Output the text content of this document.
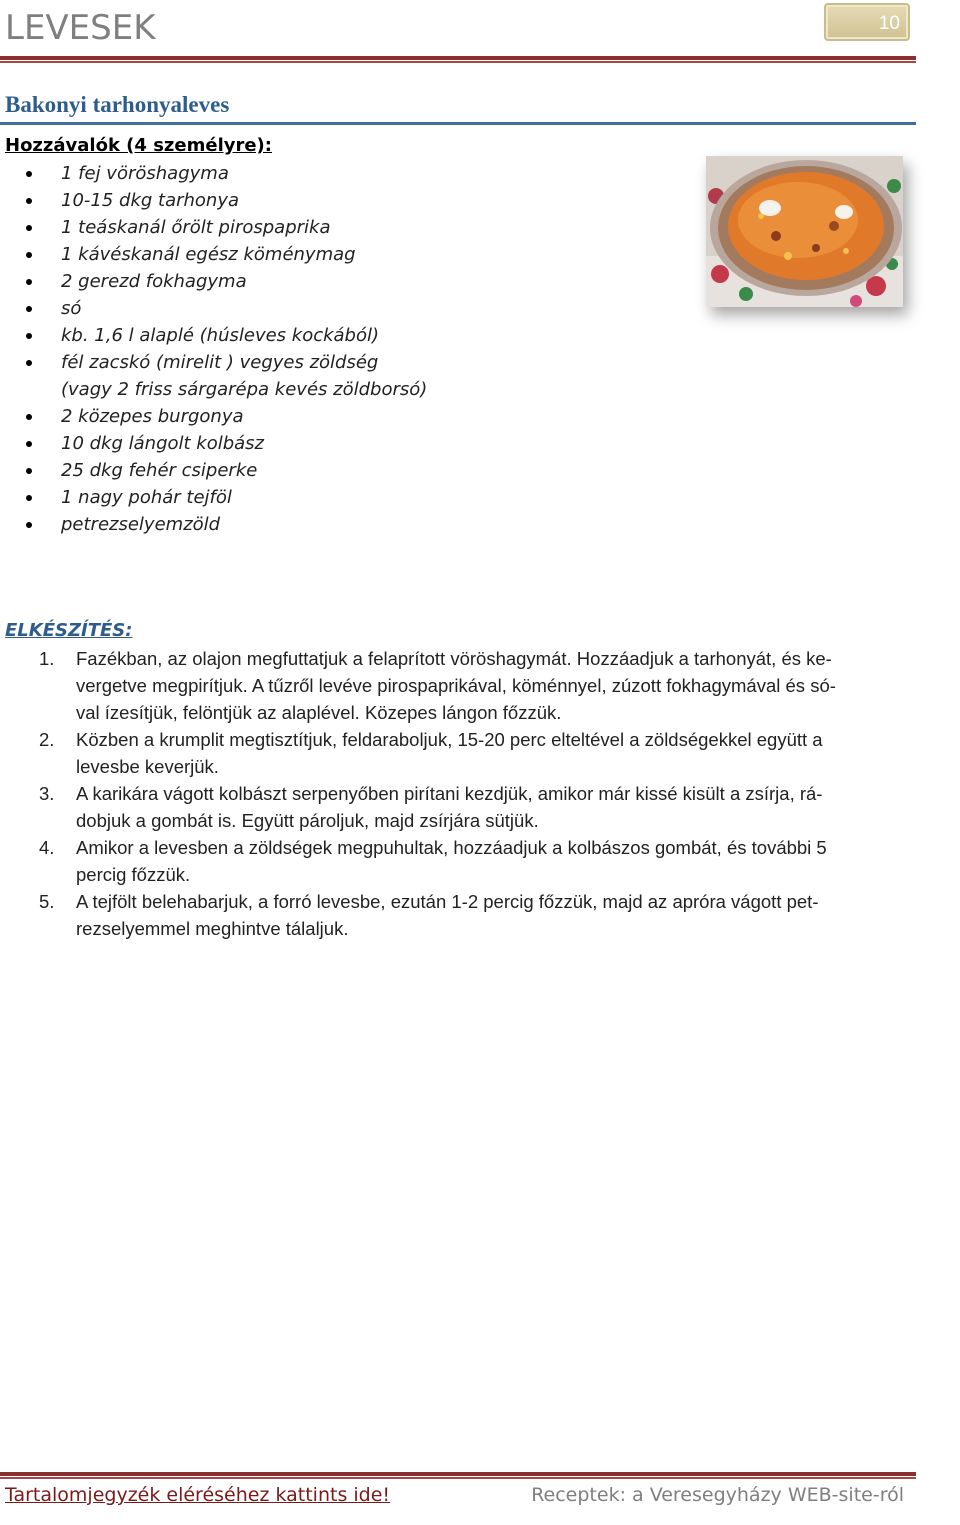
LEVESEK	10
Bakonyi tarhonyaleves
Hozzávalók (4 személyre):
1 fej vöröshagyma
10-15 dkg tarhonya
1 teáskanál őrölt pirospaprika
1 kávéskanál egész köménymag
2 gerezd fokhagyma
só
kb. 1,6 l alaplé (húsleves kockából)
fél zacskó (mirelit ) vegyes zöldség
(vagy 2 friss sárgarépa kevés zöldborsó)
2 közepes burgonya
10 dkg lángolt kolbász
25 dkg fehér csiperke
1 nagy pohár tejföl
petrezselyemzöld
ELKÉSZÍTÉS:
1. Fazékban, az olajon megfuttatjuk a felaprított vöröshagymát. Hozzáadjuk a tarhonyát, és ke-
vergetve megpirítjuk. A tűzről levéve pirospaprikával, köménnyel, zúzott fokhagymával és só-
val ízesítjük, felöntjük az alaplével. Közepes lángon főzzük.
2. Közben a krumplit megtisztítjuk, feldaraboljuk, 15-20 perc elteltével a zöldségekkel együtt a
levesbe keverjük.
3. A karikára vágott kolbászt serpenyőben pirítani kezdjük, amikor már kissé kisült a zsírja, rá-
dobjuk a gombát is. Együtt pároljuk, majd zsírjára sütjük.
4. Amikor a levesben a zöldségek megpuhultak, hozzáadjuk a kolbászos gombát, és további 5
percig főzzük.
5. A tejfölt belehabarjuk, a forró levesbe, ezután 1-2 percig főzzük, majd az apróra vágott pet-
rezselyemmel meghintve tálaljuk.
Tartalomjegyzék eléréséhez kattints ide!	Receptek: a Veresegyházy WEB-site-ról
